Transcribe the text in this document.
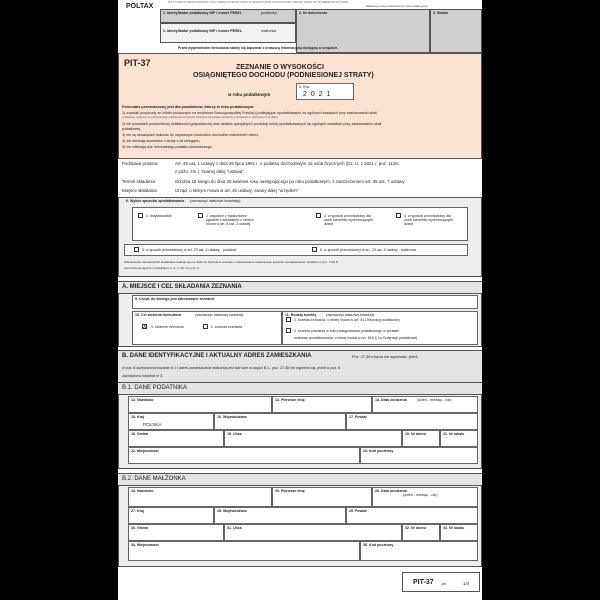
POLTAX
POLA JASNE WYPEŁNIA PODATNIK, POLA CIEMNE WYPEŁNIA URZĄD. WYPEŁNIĆ DUŻYMI, DRUKOWANYMI LITERAMI, CZARNYM LUB NIEBIESKIM KOLOREM.
Składanie w wersji elektronicznej: www.podatki.gov.pl
1. Identyfikator podatkowy NIP / numer PESEL	podatnika	2. Nr dokumentu	3. Status
1. Identyfikator podatkowy NIP / numer PESEL	małżonka
Przed wypełnieniem formularza należy się zapoznać z broszurą informacyjną dostępną w urzędach.
PIT-37	ZEZNANIE O WYSOKOŚCI
OSIĄGNIĘTEGO DOCHODU (PODNIESIONEJ STRATY)
w roku podatkowym
5. Rok
2 0 2 1
Formularz przeznaczony jest dla podatników, którzy w roku podatkowym:
1) uzyskali przychody ze źródeł położonych na terytorium Rzeczypospolitej Polskiej (podlegające opodatkowaniu na ogólnych zasadach przy zastosowaniu skali
podatkowej wyłącznie za pośrednictwem płatnika lub przychody zwolnione od podatku określone w przepisach o zwolnieniu od podatku).
2) nie prowadzili pozarolniczej działalności gospodarczej oraz działów specjalnych produkcji rolnej opodatkowanych na ogólnych zasadach przy zastosowaniu skali
podatkowej,
3) nie są obowiązani doliczać do uzyskanych dochodów dochodów małoletnich dzieci,
4) nie obniżają dochodów o straty z lat ubiegłych,
5) nie odliczają tzw. minimalnego podatku dochodowego.
Podstawa prawna:	Art. 45 ust. 1 ustawy z dnia 26 lipca 1991 r. o podatku dochodowym od osób fizycznych (Dz. U. z 2021 r. poz. 1128,
z późn. zm.), zwanej dalej "ustawą".
Termin składania:	Od dnia 15 lutego do dnia 30 kwietnia roku następującego po roku podatkowym, z zastrzeżeniem art. 45 ust. 7 ustawy.
Miejsce składania:	Urząd, o którym mowa w art. 45 ustawy, zwany dalej "urzędem".
6. Wybór sposobu opodatkowania (zaznaczyć właściwe kwadraty):
1. indywidualnie	2. wspólnie z małżonkiem zgodnie z wnioskiem o którym mowa w art. 6 ust. 2 ustawy
3. w sposób przewidziany dla osób samotnie wychowujących dzieci
4. w sposób przewidziany dla osób samotnie wychowujących dzieci
5. w sposób przewidziany w art. 29 ust. 4 ustawy - podatnik	6. w sposób przewidziany w art. 29 ust. 4 ustawy - małżonek
Zaznaczenie odpowiednich kwadratów traktuje się na równi ze złożeniem wniosku o zastosowanie wskazanego sposobu opodatkowania. Kwadrat nr poz. 7 lub 8
zaznacza się łącznie z kwadratem 1, 2, 3, lub 4 w poz. 6.
A. MIEJSCE I CEL SKŁADANIA ZEZNANIA
9. Urząd, do którego jest adresowane zeznanie
10. Cel złożenia formularza	(zaznaczyć właściwy kwadrat):
X 1. złożenie zeznania	2. korekta zeznania
11. Rodzaj korekty	(zaznaczyć właściwy kwadrat):
1. korekta zeznania, o której mowa w art. 81 Ordynacji podatkowej
2. korekta zeznania w toku postępowania podatkowego w sprawie
unikania opodatkowania, o której mowa w art. 81b § 1a Ordynacji podatkowej
B. DANE IDENTYFIKACYJNE I AKTUALNY ADRES ZAMIESZKANIA	Poz. 27-36 można nie wypełniać, jeżeli
w poz. 6 zaznaczono kwadrat nr 2 i adres zamieszkania małżonka jest taki sam w części B.1., poz. 27-36 nie wypełnia się, jeżeli w poz. 6
zaznaczono kwadrat nr 3.
B.1. DANE PODATNIKA
12. Nazwisko	13. Pierwsze imię	14. Data urodzenia	(dzień - miesiąc - rok)
15. Kraj
POLSKA
16. Województwo	17. Powiat
18. Gmina	19. Ulica	20. Nr domu	21. Nr lokalu
22. Miejscowość	23. Kod pocztowy
B.2. DANE MAŁŻONKA
24. Nazwisko	25. Pierwsze imię	26. Data urodzenia
(dzień - miesiąc - rok)
27. Kraj	28. Województwo	29. Powiat
30. Gmina	31. Ulica	32. Nr domu	33. Nr lokalu
34. Miejscowość	35. Kod pocztowy
PIT-37 (28)	1/4
